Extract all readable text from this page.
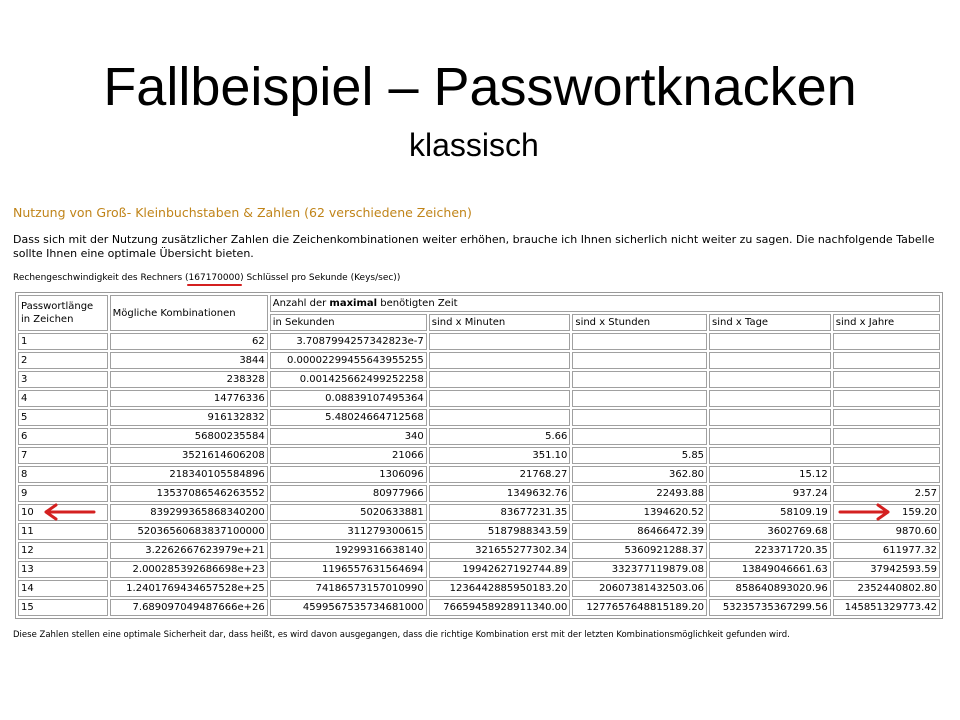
Fallbeispiel – Passwortknacken
klassisch
Nutzung von Groß- Kleinbuchstaben & Zahlen (62 verschiedene Zeichen)
Dass sich mit der Nutzung zusätzlicher Zahlen die Zeichenkombinationen weiter erhöhen, brauche ich Ihnen sicherlich nicht weiter zu sagen. Die nachfolgende Tabelle sollte Ihnen eine optimale Übersicht bieten.
Rechengeschwindigkeit des Rechners (167170000
) Schlüssel pro Sekunde (Keys/sec))
Passwortlänge in Zeichen	Mögliche Kombinationen	Anzahl der maximal benötigten Zeit				
		in Sekunden	sind x Minuten	sind x Stunden	sind x Tage	sind x Jahre
1	62	3.7087994257342823e-7				
2	3844	0.00002299455643955255				
3	238328	0.001425662499252258				
4	14776336	0.08839107495364				
5	916132832	5.48024664712568				
6	56800235584	340	5.66			
7	3521614606208	21066	351.10	5.85		
8	218340105584896	1306096	21768.27	362.80	15.12	
9	13537086546263552	80977966	1349632.76	22493.88	937.24	2.57
10	839299365868340200	5020633881	83677231.35	1394620.52	58109.19	159.20
11	52036560683837100000	311279300615	5187988343.59	86466472.39	3602769.68	9870.60
12	3.2262667623979e+21	19299316638140	321655277302.34	5360921288.37	223371720.35	611977.32
13	2.000285392686698e+23	1196557631564694	19942627192744.89	332377119879.08	13849046661.63	37942593.59
14	1.2401769434657528e+25	74186573157010990	1236442885950183.20	20607381432503.06	858640893020.96	2352440802.80
15	7.689097049487666e+26	4599567535734681000	76659458928911340.00	1277657648815189.20	53235735367299.56	145851329773.42
Diese Zahlen stellen eine optimale Sicherheit dar, dass heißt, es wird davon ausgegangen, dass die richtige Kombination erst mit der letzten Kombinationsmöglichkeit gefunden wird.
